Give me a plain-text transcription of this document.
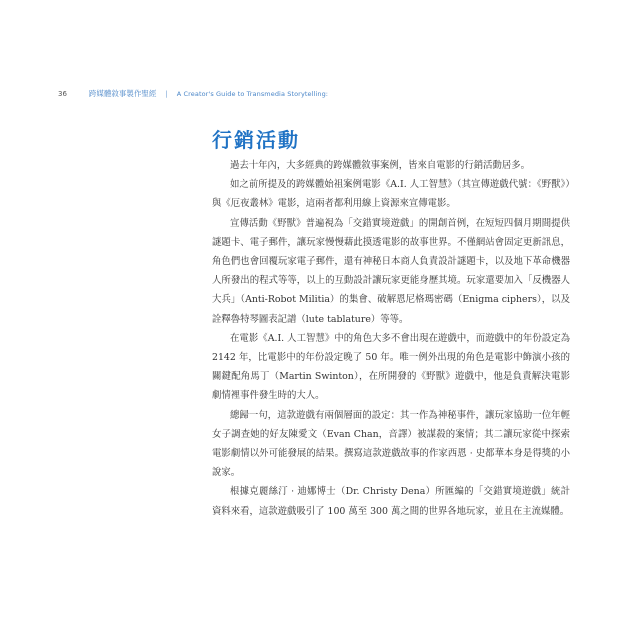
36	跨媒體敘事製作聖經 | A Creator's Guide to Transmedia Storytelling:
行銷活動

過去十年內，大多經典的跨媒體敘事案例，皆來自電影的行銷活動居多。

如之前所提及的跨媒體始祖案例電影《A.I. 人工智慧》（其宣傳遊戲代號：《野獸》）與《厄夜叢林》電影，這兩者都利用線上資源來宣傳電影。

宣傳活動《野獸》普遍視為「交錯實境遊戲」的開創首例，在短短四個月期間提供謎題卡、電子郵件，讓玩家慢慢藉此摸透電影的故事世界。不僅網站會固定更新訊息，角色們也會回覆玩家電子郵件，還有神秘日本商人負責設計謎題卡，以及地下革命機器人所發出的程式等等，以上的互動設計讓玩家更能身歷其境。玩家還要加入「反機器人大兵」（Anti-Robot Militia）的集會、破解恩尼格瑪密碼（Enigma ciphers），以及詮釋魯特琴圖表記譜（lute tablature）等等。

在電影《A.I. 人工智慧》中的角色大多不會出現在遊戲中，而遊戲中的年份設定為 2142 年，比電影中的年份設定晚了 50 年。唯一例外出現的角色是電影中飾演小孩的關鍵配角馬丁（Martin Swinton），在所開發的《野獸》遊戲中，他是負責解決電影劇情裡事件發生時的大人。

總歸一句，這款遊戲有兩個層面的設定：其一作為神秘事件，讓玩家協助一位年輕女子調查她的好友陳愛文（Evan Chan，音譯）被謀殺的案情；其二讓玩家從中探索電影劇情以外可能發展的結果。撰寫這款遊戲故事的作家西恩 · 史都華本身是得獎的小說家。

根據克麗絲汀 · 迪娜博士（Dr. Christy Dena）所匯編的「交錯實境遊戲」統計資料來看，這款遊戲吸引了 100 萬至 300 萬之間的世界各地玩家，並且在主流媒體。
